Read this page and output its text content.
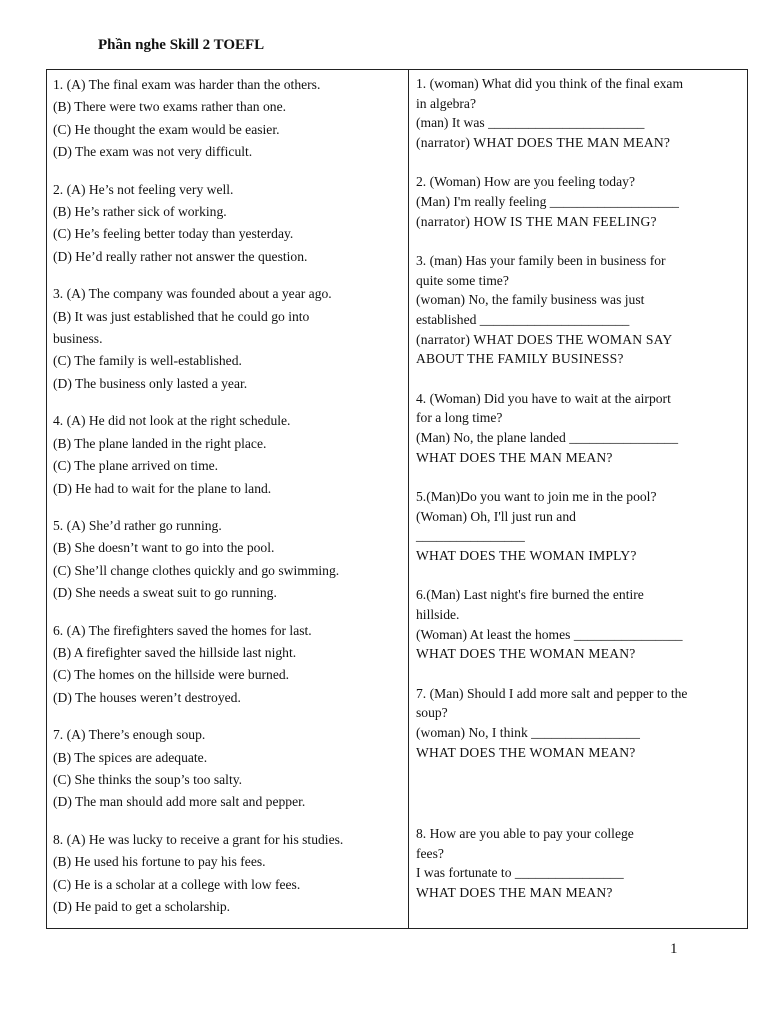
Phần nghe Skill 2 TOEFL
1. (A) The final exam was harder than the others.
(B) There were two exams rather than one.
(C) He thought the exam would be easier.
(D) The exam was not very difficult.
2. (A) He’s not feeling very well.
(B) He’s rather sick of working.
(C) He’s feeling better today than yesterday.
(D) He’d really rather not answer the question.
3. (A) The company was founded about a year ago.
(B) It was just established that he could go into
business.
(C) The family is well-established.
(D) The business only lasted a year.
4. (A) He did not look at the right schedule.
(B) The plane landed in the right place.
(C) The plane arrived on time.
(D) He had to wait for the plane to land.
5. (A) She’d rather go running.
(B) She doesn’t want to go into the pool.
(C) She’ll change clothes quickly and go swimming.
(D) She needs a sweat suit to go running.
6. (A) The firefighters saved the homes for last.
(B) A firefighter saved the hillside last night.
(C) The homes on the hillside were burned.
(D) The houses weren’t destroyed.
7. (A) There’s enough soup.
(B) The spices are adequate.
(C) She thinks the soup’s too salty.
(D) The man should add more salt and pepper.
8. (A) He was lucky to receive a grant for his studies.
(B) He used his fortune to pay his fees.
(C) He is a scholar at a college with low fees.
(D) He paid to get a scholarship.

1. (woman) What did you think of the final exam
in algebra?
(man) It was _______________________
(narrator) WHAT DOES THE MAN MEAN?
2. (Woman) How are you feeling today?
(Man) I'm really feeling ___________________
(narrator) HOW IS THE MAN FEELING?
3. (man) Has your family been in business for
quite some time?
(woman) No, the family business was just
established ______________________
(narrator) WHAT DOES THE WOMAN SAY
ABOUT THE FAMILY BUSINESS?
4. (Woman) Did you have to wait at the airport
for a long time?
(Man) No, the plane landed ________________
WHAT DOES THE MAN MEAN?
5.(Man)Do you want to join me in the pool?
(Woman) Oh, I'll just run and
________________
WHAT DOES THE WOMAN IMPLY?
6.(Man) Last night's fire burned the entire
hillside.
(Woman) At least the homes ________________
WHAT DOES THE WOMAN MEAN?
7. (Man) Should I add more salt and pepper to the
soup?
(woman) No, I think ________________
WHAT DOES THE WOMAN MEAN?
8. How are you able to pay your college
fees?
I was fortunate to ________________
WHAT DOES THE MAN MEAN?
1
